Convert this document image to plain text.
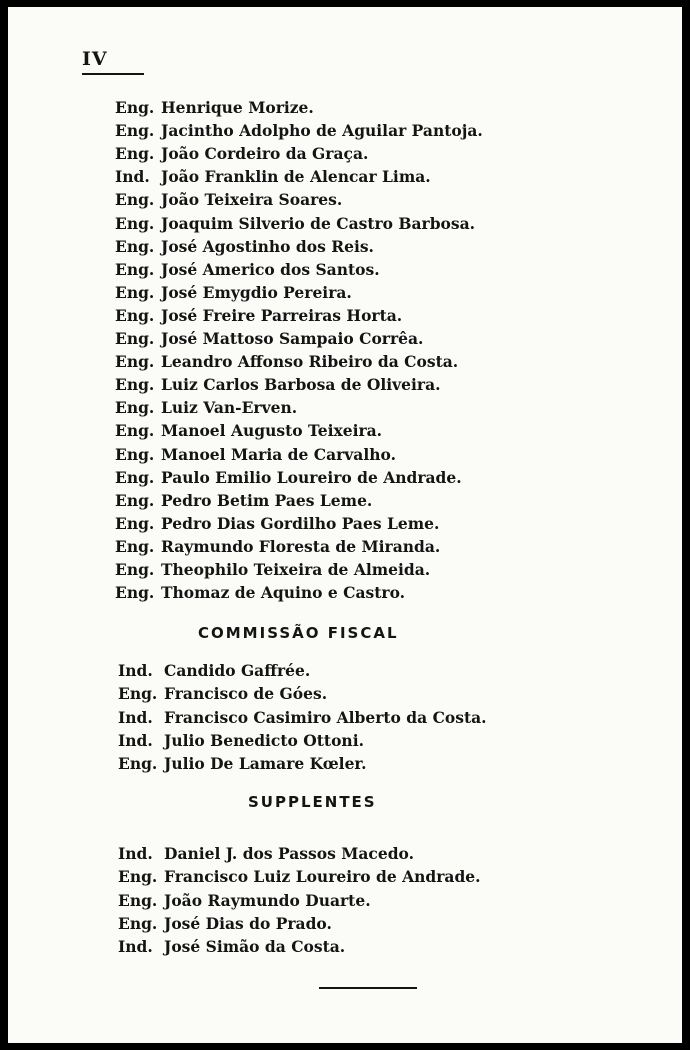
IV
Eng. Henrique Morize.
Eng. Jacintho Adolpho de Aguilar Pantoja.
Eng. João Cordeiro da Graça.
Ind. João Franklin de Alencar Lima.
Eng. João Teixeira Soares.
Eng. Joaquim Silverio de Castro Barbosa.
Eng. José Agostinho dos Reis.
Eng. José Americo dos Santos.
Eng. José Emygdio Pereira.
Eng. José Freire Parreiras Horta.
Eng. José Mattoso Sampaio Corrêa.
Eng. Leandro Affonso Ribeiro da Costa.
Eng. Luiz Carlos Barbosa de Oliveira.
Eng. Luiz Van-Erven.
Eng. Manoel Augusto Teixeira.
Eng. Manoel Maria de Carvalho.
Eng. Paulo Emilio Loureiro de Andrade.
Eng. Pedro Betim Paes Leme.
Eng. Pedro Dias Gordilho Paes Leme.
Eng. Raymundo Floresta de Miranda.
Eng. Theophilo Teixeira de Almeida.
Eng. Thomaz de Aquino e Castro.
COMMISSÃO FISCAL
Ind. Candido Gaffrée.
Eng. Francisco de Góes.
Ind. Francisco Casimiro Alberto da Costa.
Ind. Julio Benedicto Ottoni.
Eng. Julio De Lamare Kœler.
SUPPLENTES
Ind. Daniel J. dos Passos Macedo.
Eng. Francisco Luiz Loureiro de Andrade.
Eng. João Raymundo Duarte.
Eng. José Dias do Prado.
Ind. José Simão da Costa.
